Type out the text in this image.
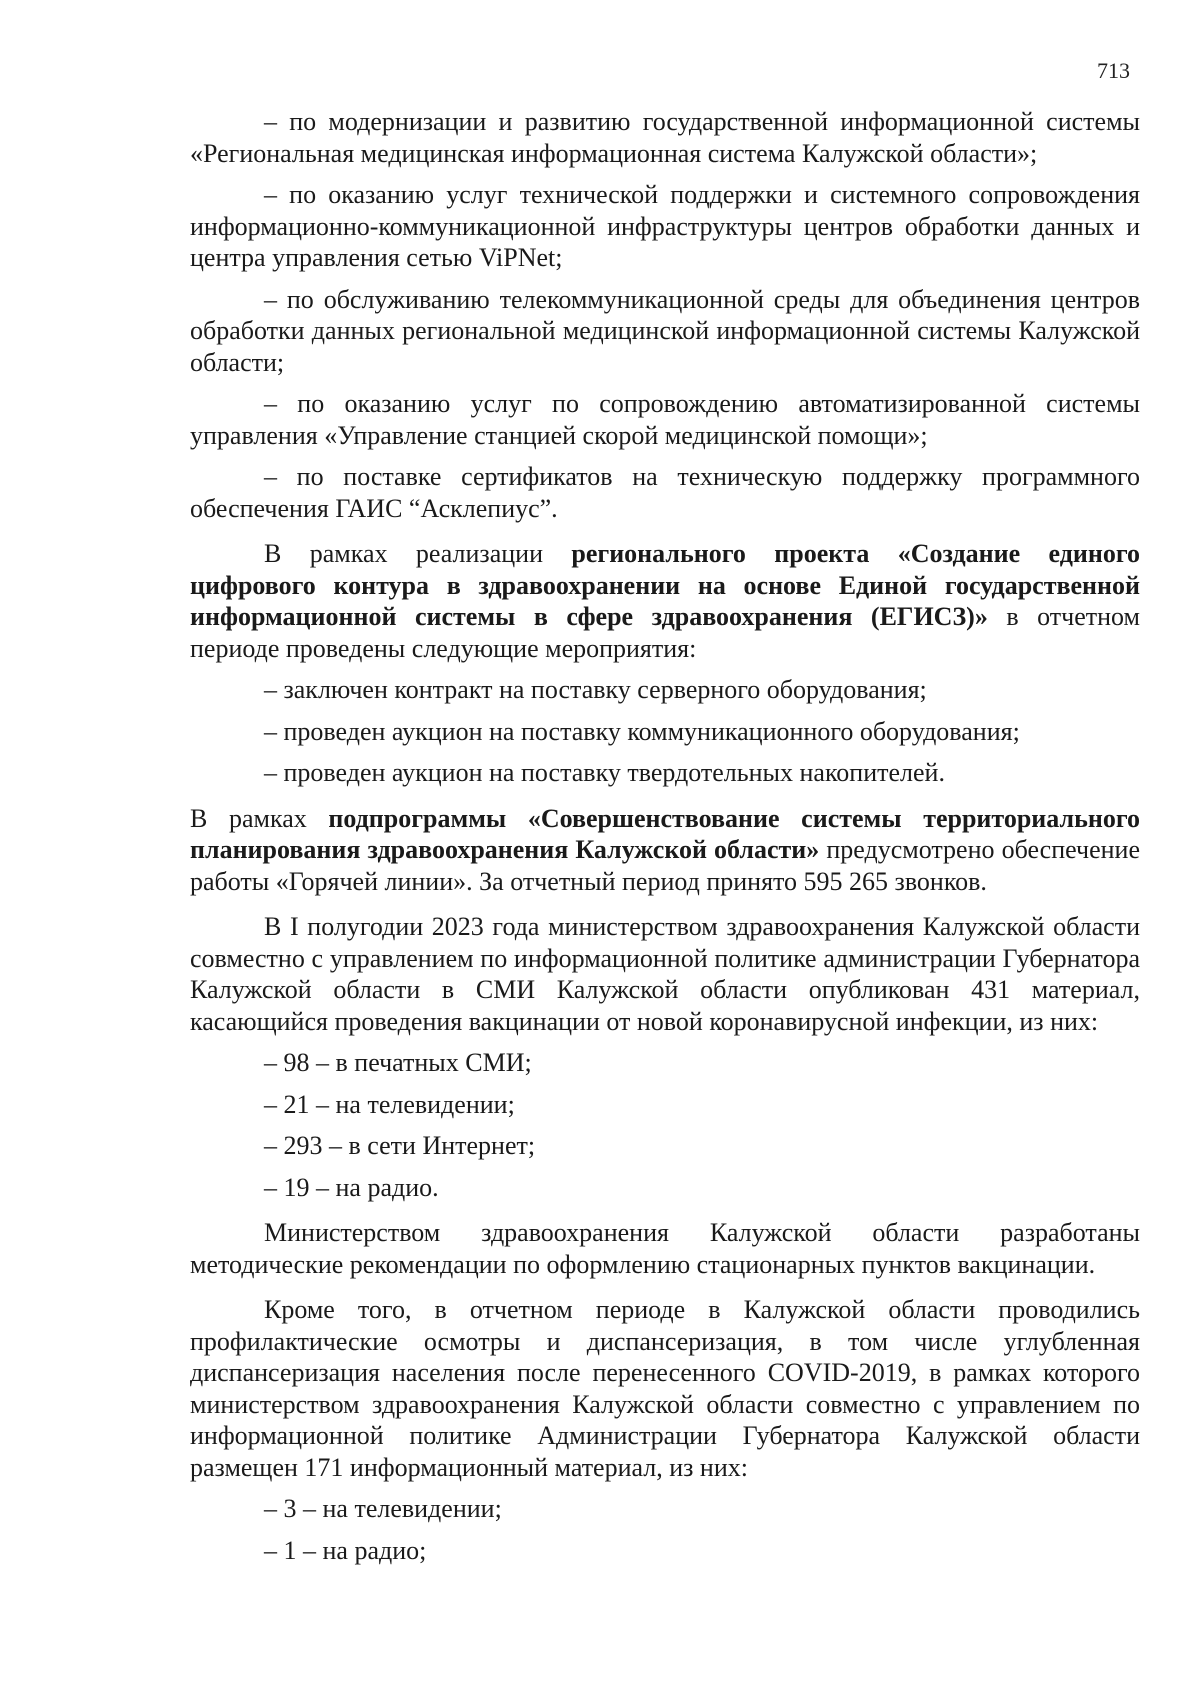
713

– по модернизации и развитию государственной информационной системы «Региональная медицинская информационная система Калужской области»;

– по оказанию услуг технической поддержки и системного сопровождения информационно-коммуникационной инфраструктуры центров обработки данных и центра управления сетью ViPNet;

– по обслуживанию телекоммуникационной среды для объединения центров обработки данных региональной медицинской информационной системы Калужской области;

– по оказанию услуг по сопровождению автоматизированной системы управления «Управление станцией скорой медицинской помощи»;

– по поставке сертификатов на техническую поддержку программного обеспечения ГАИС “Асклепиус”.

В рамках реализации регионального проекта «Создание единого цифрового контура в здравоохранении на основе Единой государственной информационной системы в сфере здравоохранения (ЕГИСЗ)» в отчетном периоде проведены следующие мероприятия:

– заключен контракт на поставку серверного оборудования;

– проведен аукцион на поставку коммуникационного оборудования;

– проведен аукцион на поставку твердотельных накопителей.

В рамках подпрограммы «Совершенствование системы территориального планирования здравоохранения Калужской области» предусмотрено обеспечение работы «Горячей линии». За отчетный период принято 595 265 звонков.

В I полугодии 2023 года министерством здравоохранения Калужской области совместно с управлением по информационной политике администрации Губернатора Калужской области в СМИ Калужской области опубликован 431 материал, касающийся проведения вакцинации от новой коронавирусной инфекции, из них:

– 98 – в печатных СМИ;

– 21 – на телевидении;

– 293 – в сети Интернет;

– 19 – на радио.

Министерством здравоохранения Калужской области разработаны методические рекомендации по оформлению стационарных пунктов вакцинации.

Кроме того, в отчетном периоде в Калужской области проводились профилактические осмотры и диспансеризация, в том числе углубленная диспансеризация населения после перенесенного COVID-2019, в рамках которого министерством здравоохранения Калужской области совместно с управлением по информационной политике Администрации Губернатора Калужской области размещен 171 информационный материал, из них:

– 3 – на телевидении;

– 1 – на радио;
